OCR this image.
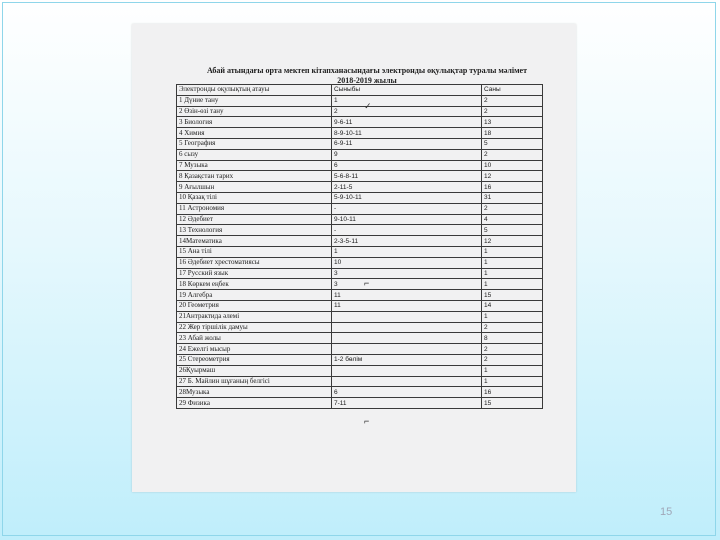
Абай атындағы орта мектеп кітапханасындағы электронды оқулықтар туралы мәлімет
2018-2019 жылы
Электронды оқулықтың атауы	Сыныбы	Саны
1 Дүние тану	1	2
2 Өзін-өзі тану	2	2
3 Биология	9-6-11	13
4 Химия	8-9-10-11	18
5 География	6-9-11	5
6 сызу	9	2
7 Музыка	6	10
8 Қазақстан тарих	5-6-8-11	12
9 Ағылшын	2-11-5	16
10 Қазақ тілі	5-9-10-11	31
11 Астрономия	-	2
12 Әдебиет	9-10-11	4
13 Технология	-	5
14Математика	2-3-5-11	12
15 Ана тілі	1	1
16 Әдебиет хрестоматиясы	10	1
17 Русский язык	3	1
18 Көркем еңбек	3	1
19 Алгебра	11	15
20 Геометрия	11	14
21Антрактида әлемі		1
22 Жер тіршілік дамуы		2
23 Абай жолы		8
24 Ежелгі мысыр		2
25 Стереометрия	1-2 бөлім	2
26Қуырмаш		1
27 Б. Майлин шұғаның белгісі		1
28Музыка	6	16
29 Физика	7-11	15
✓
⌐
⌐
15
